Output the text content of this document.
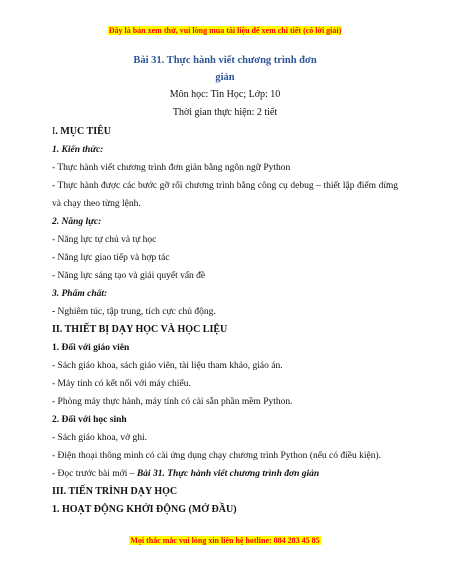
Đây là bản xem thử, vui lòng mua tài liệu để xem chi tiết (có lời giải)
Bài 31. Thực hành viết chương trình đơn
giản
Môn học: Tin Học; Lớp: 10
Thời gian thực hiện: 2 tiết
I. MỤC TIÊU
1. Kiến thức:
- Thực hành viết chương trình đơn giản bằng ngôn ngữ Python
- Thực hành được các bước gỡ rối chương trình bằng công cụ debug – thiết lập điểm dừng và chạy theo từng lệnh.
2. Năng lực:
- Năng lực tự chủ và tự học
- Năng lực giao tiếp và hợp tác
- Năng lực sáng tạo và giải quyết vấn đề
3. Phẩm chất:
- Nghiêm túc, tập trung, tích cực chủ động.
II. THIẾT BỊ DẠY HỌC VÀ HỌC LIỆU
1. Đối với giáo viên
- Sách giáo khoa, sách giáo viên, tài liệu tham khảo, giáo án.
- Máy tính có kết nối với máy chiếu.
- Phòng máy thực hành, máy tính có cài sẵn phần mềm Python.
2. Đối với học sinh
- Sách giáo khoa, vở ghi.
- Điện thoại thông minh có cài ứng dụng chạy chương trình Python (nếu có điều kiện).
- Đọc trước bài mới – Bài 31. Thực hành viết chương trình đơn giản
III. TIẾN TRÌNH DẠY HỌC
1. HOẠT ĐỘNG KHỞI ĐỘNG (MỞ ĐẦU)
Mọi thắc mắc vui lòng xin liên hệ hotline: 084 283 45 85
